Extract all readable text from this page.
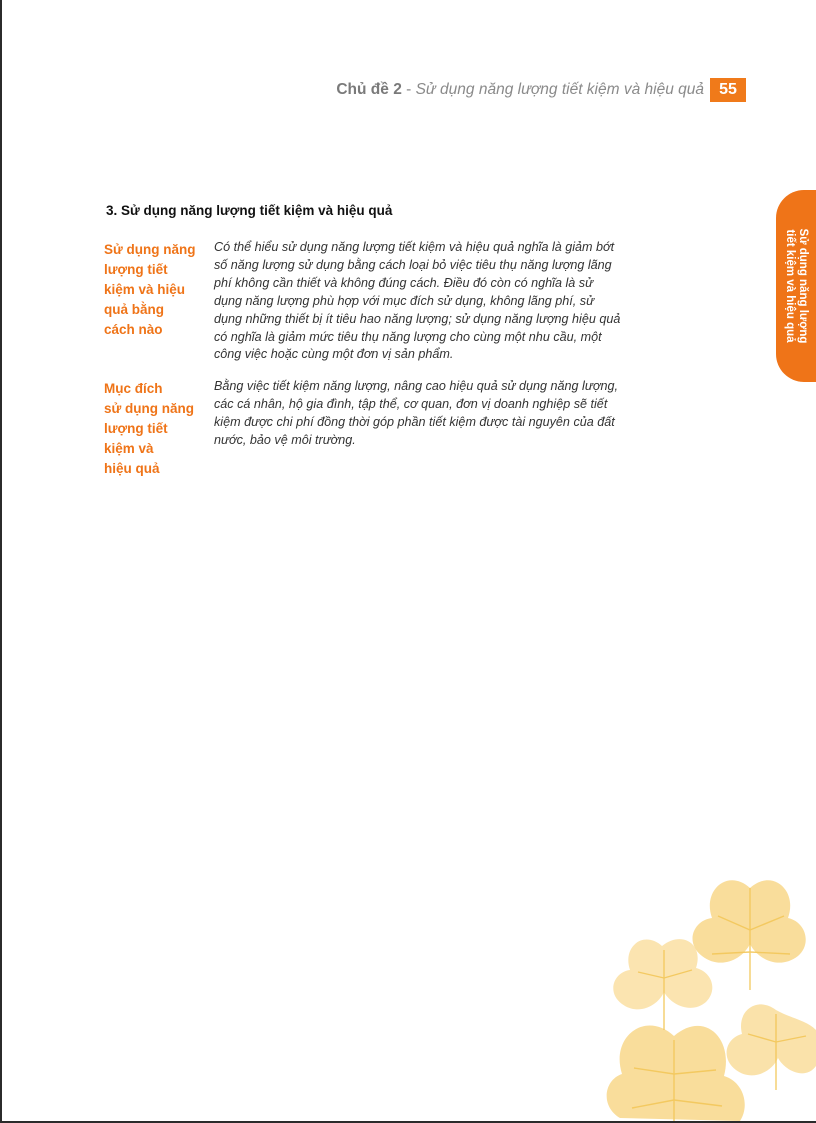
Chủ đề 2 - Sử dụng năng lượng tiết kiệm và hiệu quả 55
Sử dụng năng lượng
tiết kiệm và hiệu quả
3. Sử dụng năng lượng tiết kiệm và hiệu quả
Sử dụng năng
lượng tiết
kiệm và hiệu
quả bằng
cách nào
Có thể hiểu sử dụng năng lượng tiết kiệm và hiệu quả nghĩa là giảm bớt
số năng lượng sử dụng bằng cách loại bỏ việc tiêu thụ năng lượng lãng
phí không cần thiết và không đúng cách. Điều đó còn có nghĩa là sử
dụng năng lượng phù hợp với mục đích sử dụng, không lãng phí, sử
dụng những thiết bị ít tiêu hao năng lượng; sử dụng năng lượng hiệu quả
có nghĩa là giảm mức tiêu thụ năng lượng cho cùng một nhu cầu, một
công việc hoặc cùng một đơn vị sản phẩm.
Mục đích
sử dụng năng
lượng tiết
kiệm và
hiệu quả
Bằng việc tiết kiệm năng lượng, nâng cao hiệu quả sử dụng năng lượng,
các cá nhân, hộ gia đình, tập thể, cơ quan, đơn vị doanh nghiệp sẽ tiết
kiệm được chi phí đồng thời góp phần tiết kiệm được tài nguyên của đất
nước, bảo vệ môi trường.
